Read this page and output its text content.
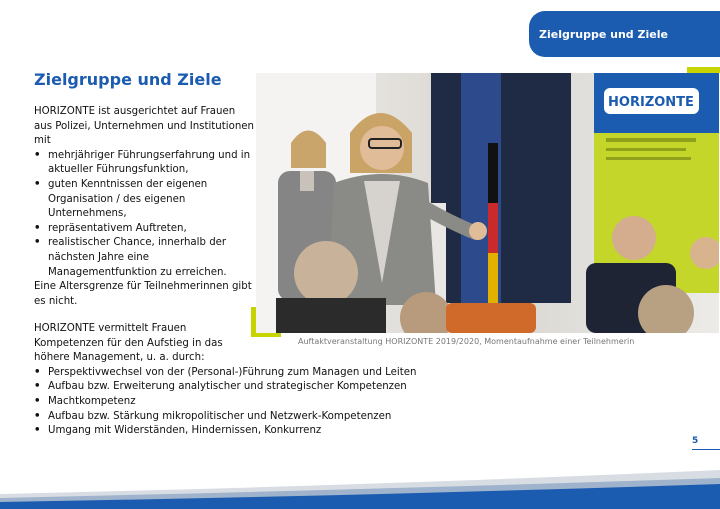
Zielgruppe und Ziele
Zielgruppe und Ziele

HORIZONTE ist ausgerichtet auf Frauen aus Polizei, Unternehmen und Institutionen mit

• mehrjähriger Führungserfahrung und in aktueller Führungsfunktion,
• guten Kenntnissen der eigenen Organisation / des eigenen Unternehmens,
• repräsentativem Auftreten,
• realistischer Chance, innerhalb der nächsten Jahre eine Managementfunktion zu erreichen.

Eine Altersgrenze für Teilnehmerinnen gibt es nicht.

HORIZONTE vermittelt Frauen Kompetenzen für den Aufstieg in das höhere Management, u. a. durch:

• Perspektivwechsel von der (Personal-)Führung zum Managen und Leiten
• Aufbau bzw. Erweiterung analytischer und strategischer Kompetenzen
• Machtkompetenz
• Aufbau bzw. Stärkung mikropolitischer und Netzwerk-Kompetenzen
• Umgang mit Widerständen, Hindernissen, Konkurrenz
HORIZONTE
Auftaktveranstaltung HORIZONTE 2019/2020, Momentaufnahme einer Teilnehmerin
5
